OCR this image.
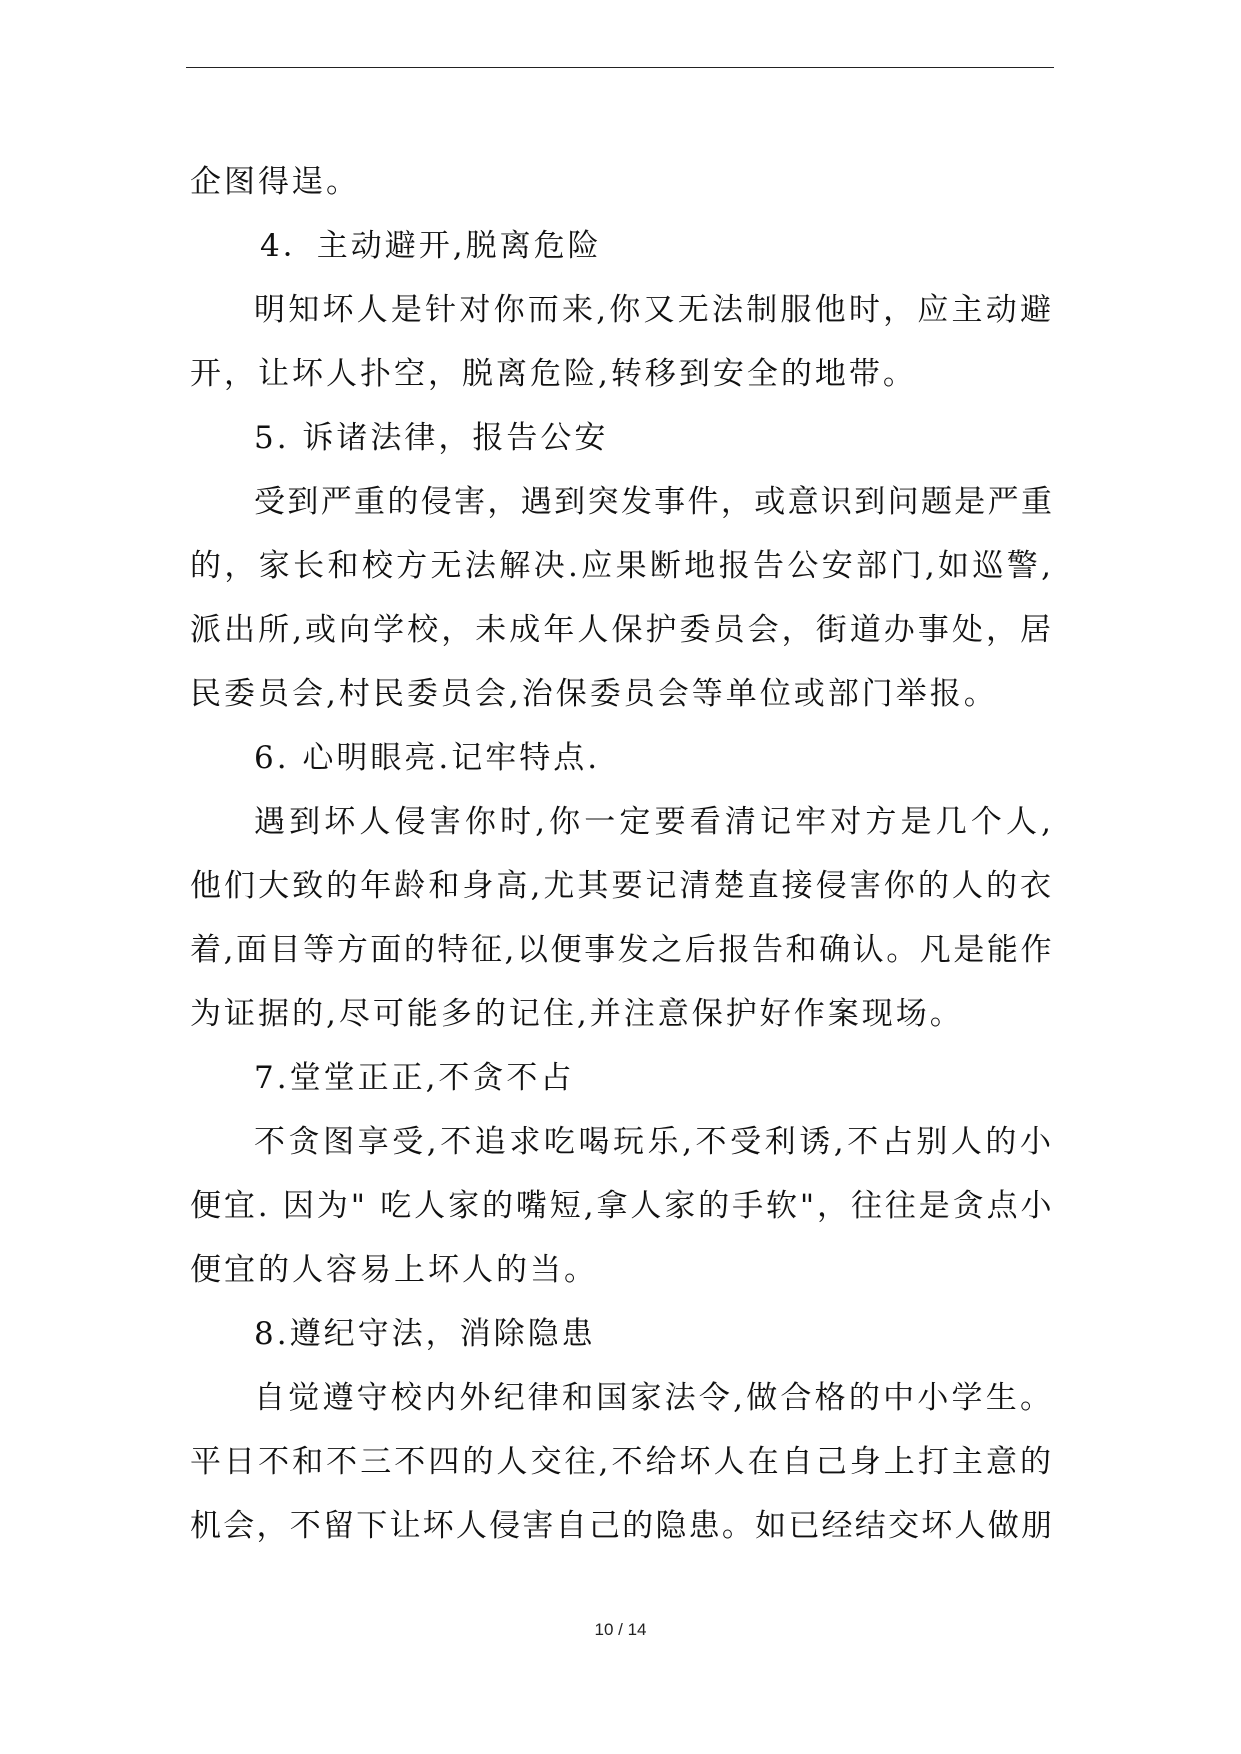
企图得逞。
4．主动避开,脱离危险
明知坏人是针对你而来,你又无法制服他时，应主动避
开，让坏人扑空，脱离危险,转移到安全的地带。
5. 诉诸法律，报告公安
受到严重的侵害，遇到突发事件，或意识到问题是严重
的，家长和校方无法解决.应果断地报告公安部门,如巡警,
派出所,或向学校，未成年人保护委员会，街道办事处，居
民委员会,村民委员会,治保委员会等单位或部门举报。
6. 心明眼亮.记牢特点.
遇到坏人侵害你时,你一定要看清记牢对方是几个人,
他们大致的年龄和身高,尤其要记清楚直接侵害你的人的衣
着,面目等方面的特征,以便事发之后报告和确认。凡是能作
为证据的,尽可能多的记住,并注意保护好作案现场。
7.堂堂正正,不贪不占
不贪图享受,不追求吃喝玩乐,不受利诱,不占别人的小
便宜. 因为" 吃人家的嘴短,拿人家的手软"，往往是贪点小
便宜的人容易上坏人的当。
8.遵纪守法，消除隐患
自觉遵守校内外纪律和国家法令,做合格的中小学生。
平日不和不三不四的人交往,不给坏人在自己身上打主意的
机会，不留下让坏人侵害自己的隐患。如已经结交坏人做朋
10 / 14
